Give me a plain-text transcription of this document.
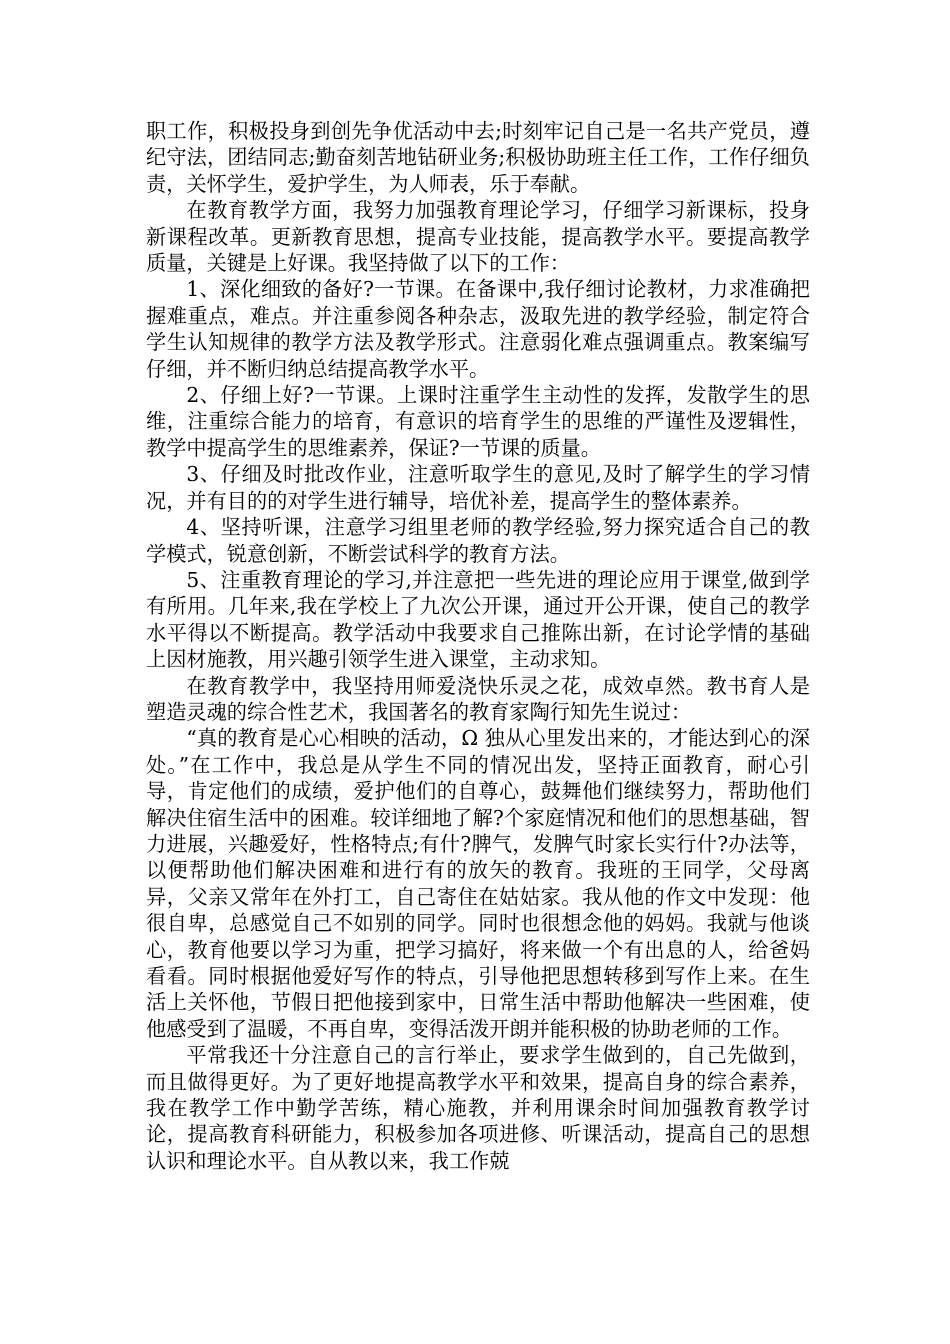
职工作，积极投身到创先争优活动中去;时刻牢记自己是一名共产党员，遵纪守法，团结同志;勤奋刻苦地钻研业务;积极协助班主任工作，工作仔细负责，关怀学生，爱护学生，为人师表，乐于奉献。

在教育教学方面，我努力加强教育理论学习，仔细学习新课标，投身新课程改革。更新教育思想，提高专业技能，提高教学水平。要提高教学质量，关键是上好课。我坚持做了以下的工作：

1、深化细致的备好?一节课。在备课中,我仔细讨论教材，力求准确把握难重点，难点。并注重参阅各种杂志，汲取先进的教学经验，制定符合学生认知规律的教学方法及教学形式。注意弱化难点强调重点。教案编写仔细，并不断归纳总结提高教学水平。

2、仔细上好?一节课。上课时注重学生主动性的发挥，发散学生的思维，注重综合能力的培育，有意识的培育学生的思维的严谨性及逻辑性，教学中提高学生的思维素养，保证?一节课的质量。

3、仔细及时批改作业，注意听取学生的意见,及时了解学生的学习情况，并有目的的对学生进行辅导，培优补差，提高学生的整体素养。

4、坚持听课，注意学习组里老师的教学经验,努力探究适合自己的教学模式，锐意创新，不断尝试科学的教育方法。

5、注重教育理论的学习,并注意把一些先进的理论应用于课堂,做到学有所用。几年来,我在学校上了九次公开课，通过开公开课，使自己的教学水平得以不断提高。教学活动中我要求自己推陈出新，在讨论学情的基础上因材施教，用兴趣引领学生进入课堂，主动求知。

在教育教学中，我坚持用师爱浇快乐灵之花，成效卓然。教书育人是塑造灵魂的综合性艺术，我国著名的教育家陶行知先生说过：

“真的教育是心心相映的活动，Ω 独从心里发出来的，才能达到心的深处。”在工作中，我总是从学生不同的情况出发，坚持正面教育，耐心引导，肯定他们的成绩，爱护他们的自尊心，鼓舞他们继续努力，帮助他们解决住宿生活中的困难。较详细地了解?个家庭情况和他们的思想基础，智力进展，兴趣爱好，性格特点;有什?脾气，发脾气时家长实行什?办法等，以便帮助他们解决困难和进行有的放矢的教育。我班的王同学，父母离异，父亲又常年在外打工，自己寄住在姑姑家。我从他的作文中发现：他很自卑，总感觉自己不如别的同学。同时也很想念他的妈妈。我就与他谈心，教育他要以学习为重，把学习搞好，将来做一个有出息的人，给爸妈看看。同时根据他爱好写作的特点，引导他把思想转移到写作上来。在生活上关怀他，节假日把他接到家中，日常生活中帮助他解决一些困难，使他感受到了温暖，不再自卑，变得活泼开朗并能积极的协助老师的工作。

平常我还十分注意自己的言行举止，要求学生做到的，自己先做到，而且做得更好。为了更好地提高教学水平和效果，提高自身的综合素养，我在教学工作中勤学苦练，精心施教，并利用课余时间加强教育教学讨论，提高教育科研能力，积极参加各项进修、听课活动，提高自己的思想认识和理论水平。自从教以来，我工作兢
